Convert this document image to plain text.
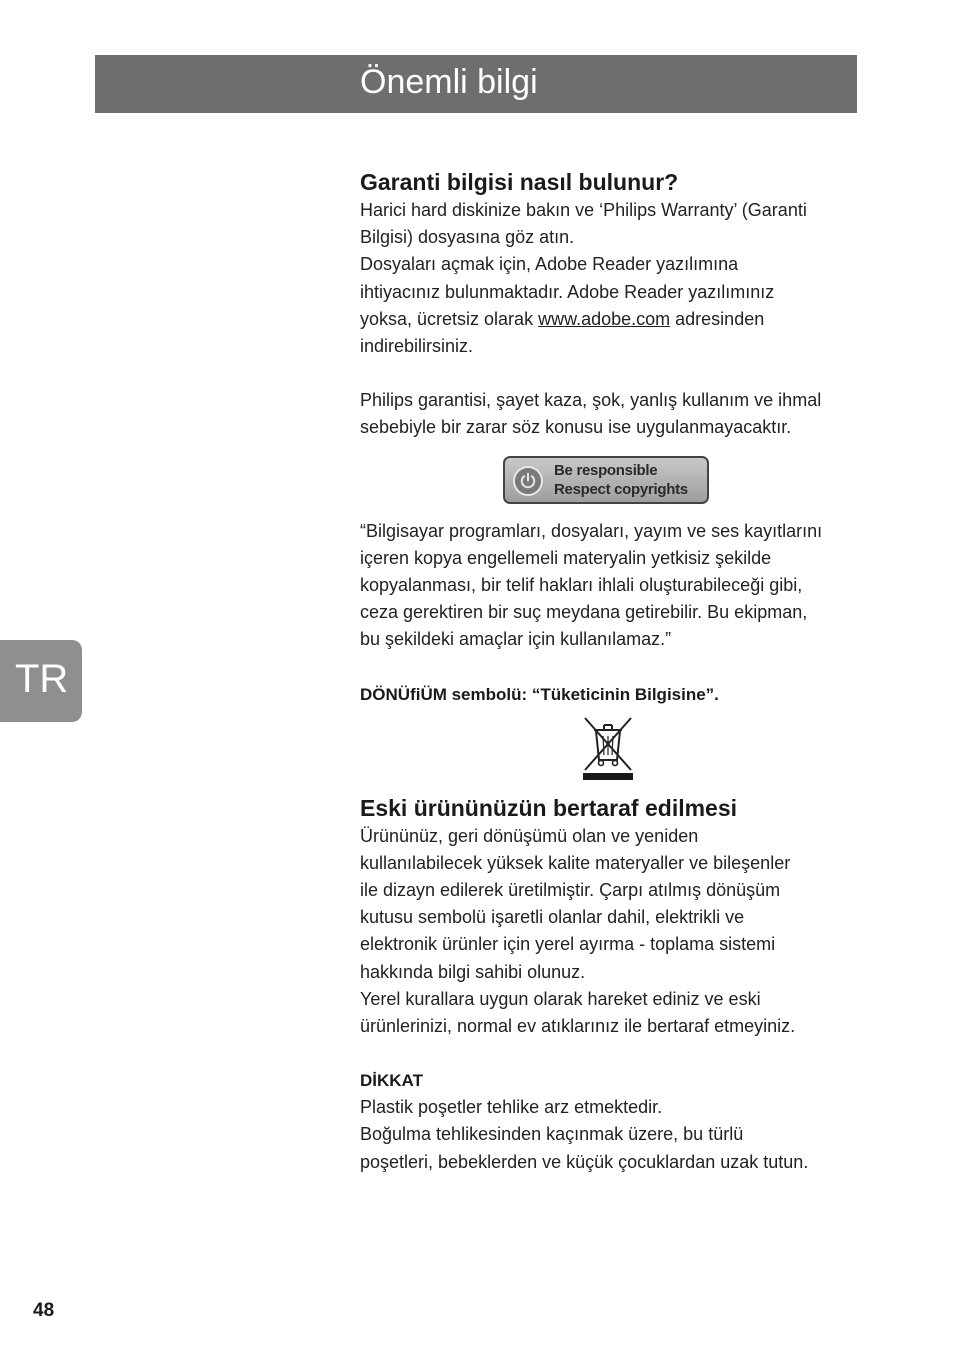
Önemli bilgi
TR
Garanti bilgisi nasıl bulunur?

Harici hard diskinize bakın ve ‘Philips Warranty’ (Garanti

Bilgisi) dosyasına göz atın.

Dosyaları açmak için, Adobe Reader yazılımına

ihtiyacınız bulunmaktadır. Adobe Reader yazılımınız

yoksa, ücretsiz olarak www.adobe.com adresinden

indirebilirsiniz.

Philips garantisi, şayet kaza, şok, yanlış kullanım ve ihmal

sebebiyle bir zarar söz konusu ise uygulanmayacaktır.

Be responsible
Respect copyrights

“Bilgisayar programları, dosyaları, yayım ve ses kayıtlarını

içeren kopya engellemeli materyalin yetkisiz şekilde

kopyalanması, bir telif hakları ihlali oluşturabileceği gibi,

ceza gerektiren bir suç meydana getirebilir. Bu ekipman,

bu şekildeki amaçlar için kullanılamaz.”

DÖNÜfiÜM sembolü: “Tüketicinin Bilgisine”.
Eski ürününüzün bertaraf edilmesi

Ürününüz, geri dönüşümü olan ve yeniden

kullanılabilecek yüksek kalite materyaller ve bileşenler

ile dizayn edilerek üretilmiştir. Çarpı atılmış dönüşüm

kutusu sembolü işaretli olanlar dahil, elektrikli ve

elektronik ürünler için yerel ayırma - toplama sistemi

hakkında bilgi sahibi olunuz.

Yerel kurallara uygun olarak hareket ediniz ve eski

ürünlerinizi, normal ev atıklarınız ile bertaraf etmeyiniz.

DİKKAT

Plastik poşetler tehlike arz etmektedir.

Boğulma tehlikesinden kaçınmak üzere, bu türlü

poşetleri, bebeklerden ve küçük çocuklardan uzak tutun.

48
